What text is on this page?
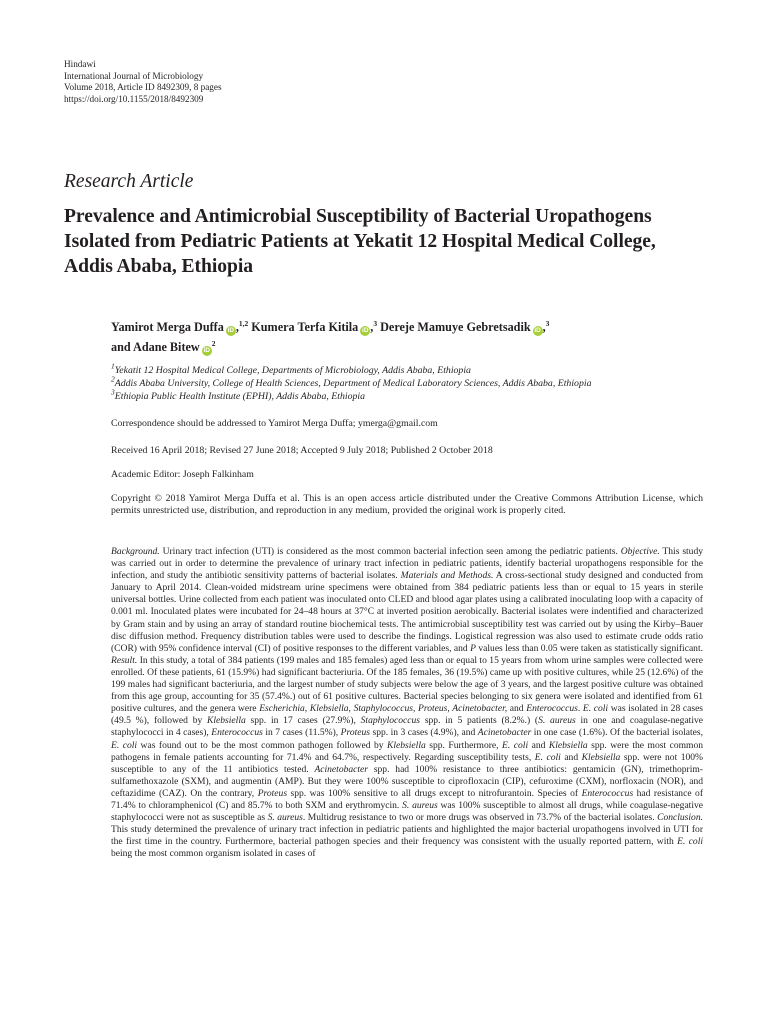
Hindawi
International Journal of Microbiology
Volume 2018, Article ID 8492309, 8 pages
https://doi.org/10.1155/2018/8492309
Research Article
Prevalence and Antimicrobial Susceptibility of Bacterial Uropathogens Isolated from Pediatric Patients at Yekatit 12 Hospital Medical College, Addis Ababa, Ethiopia
Yamirot Merga Duffa iD ,$^{1,2}$ Kumera Terfa Kitila iD ,$^3$ Dereje Mamuye Gebretsadik iD ,$^3$
and Adane Bitew $iD^2$
$^1$Yekatit 12 Hospital Medical College, Departments of Microbiology, Addis Ababa, Ethiopia
$^2$Addis Ababa University, College of Health Sciences, Department of Medical Laboratory Sciences, Addis Ababa, Ethiopia
$^3$Ethiopia Public Health Institute (EPHI), Addis Ababa, Ethiopia
Correspondence should be addressed to Yamirot Merga Duffa; ymerga@gmail.com
Received 16 April 2018; Revised 27 June 2018; Accepted 9 July 2018; Published 2 October 2018
Academic Editor: Joseph Falkinham
Copyright © 2018 Yamirot Merga Duffa et al. This is an open access article distributed under the Creative Commons Attribution License, which permits unrestricted use, distribution, and reproduction in any medium, provided the original work is properly cited.
Background. Urinary tract infection (UTI) is considered as the most common bacterial infection seen among the pediatric patients. Objective. This study was carried out in order to determine the prevalence of urinary tract infection in pediatric patients, identify bacterial uropathogens responsible for the infection, and study the antibiotic sensitivity patterns of bacterial isolates. Materials and Methods. A cross-sectional study designed and conducted from January to April 2014. Clean-voided midstream urine specimens were obtained from 384 pediatric patients less than or equal to 15 years in sterile universal bottles. Urine collected from each patient was inoculated onto CLED and blood agar plates using a calibrated inoculating loop with a capacity of 0.001 ml. Inoculated plates were incubated for 24–48 hours at 37°C at inverted position aerobically. Bacterial isolates were indentified and characterized by Gram stain and by using an array of standard routine biochemical tests. The antimicrobial susceptibility test was carried out by using the Kirby–Bauer disc diffusion method. Frequency distribution tables were used to describe the findings. Logistical regression was also used to estimate crude odds ratio (COR) with 95% confidence interval (CI) of positive responses to the different variables, and P values less than 0.05 were taken as statistically significant. Result. In this study, a total of 384 patients (199 males and 185 females) aged less than or equal to 15 years from whom urine samples were collected were enrolled. Of these patients, 61 (15.9%) had significant bacteriuria. Of the 185 females, 36 (19.5%) came up with positive cultures, while 25 (12.6%) of the 199 males had significant bacteriuria, and the largest number of study subjects were below the age of 3 years, and the largest positive culture was obtained from this age group, accounting for 35 (57.4%.) out of 61 positive cultures. Bacterial species belonging to six genera were isolated and identified from 61 positive cultures, and the genera were Escherichia, Klebsiella, Staphylococcus, Proteus, Acinetobacter, and Enterococcus. E. coli was isolated in 28 cases (49.5 %), followed by Klebsiella spp. in 17 cases (27.9%), Staphylococcus spp. in 5 patients (8.2%.) (S. aureus in one and coagulase-negative staphylococci in 4 cases), Enterococcus in 7 cases (11.5%), Proteus spp. in 3 cases (4.9%), and Acinetobacter in one case (1.6%). Of the bacterial isolates, E. coli was found out to be the most common pathogen followed by Klebsiella spp. Furthermore, E. coli and Klebsiella spp. were the most common pathogens in female patients accounting for 71.4% and 64.7%, respectively. Regarding susceptibility tests, E. coli and Klebsiella spp. were not 100% susceptible to any of the 11 antibiotics tested. Acinetobacter spp. had 100% resistance to three antibiotics: gentamicin (GN), trimethoprim-sulfamethoxazole (SXM), and augmentin (AMP). But they were 100% susceptible to ciprofloxacin (CIP), cefuroxime (CXM), norfloxacin (NOR), and ceftazidime (CAZ). On the contrary, Proteus spp. was 100% sensitive to all drugs except to nitrofurantoin. Species of Enterococcus had resistance of 71.4% to chloramphenicol (C) and 85.7% to both SXM and erythromycin. S. aureus was 100% susceptible to almost all drugs, while coagulase-negative staphylococci were not as susceptible as S. aureus. Multidrug resistance to two or more drugs was observed in 73.7% of the bacterial isolates. Conclusion. This study determined the prevalence of urinary tract infection in pediatric patients and highlighted the major bacterial uropathogens involved in UTI for the first time in the country. Furthermore, bacterial pathogen species and their frequency was consistent with the usually reported pattern, with E. coli being the most common organism isolated in cases of
